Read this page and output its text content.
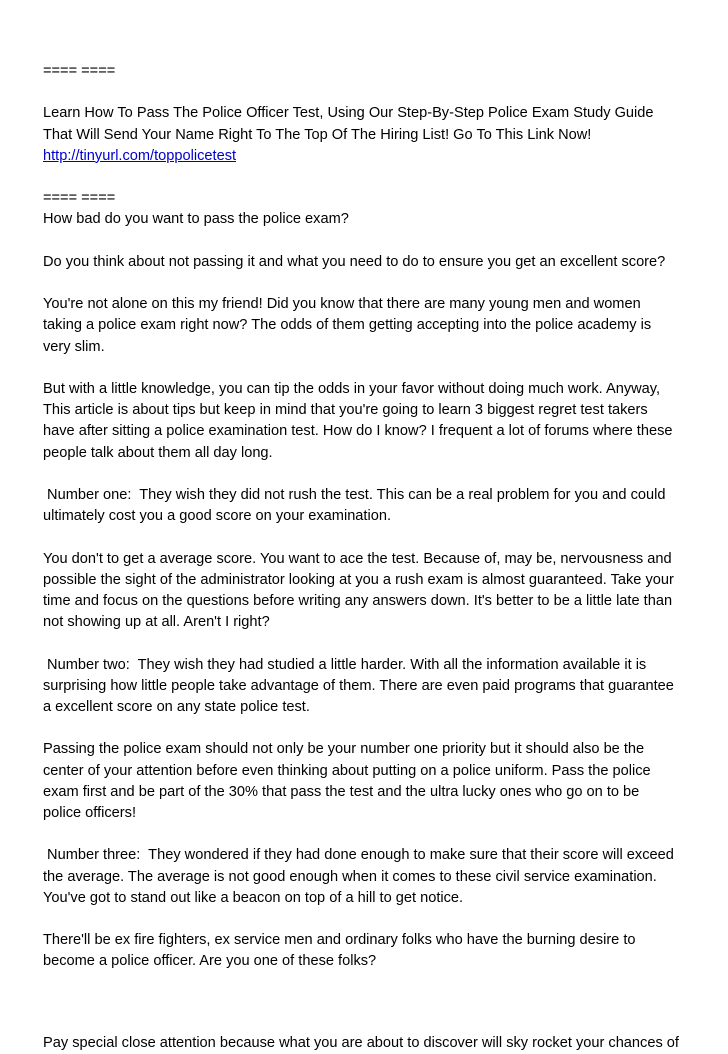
==== ====
Learn How To Pass The Police Officer Test, Using Our Step-By-Step Police Exam Study Guide
That Will Send Your Name Right To The Top Of The Hiring List! Go To This Link Now!
http://tinyurl.com/toppolicetest
==== ====
How bad do you want to pass the police exam?
Do you think about not passing it and what you need to do to ensure you get an excellent score?
You're not alone on this my friend! Did you know that there are many young men and women
taking a police exam right now? The odds of them getting accepting into the police academy is
very slim.
But with a little knowledge, you can tip the odds in your favor without doing much work. Anyway,
This article is about tips but keep in mind that you're going to learn 3 biggest regret test takers
have after sitting a police examination test. How do I know? I frequent a lot of forums where these
people talk about them all day long.
Number one:  They wish they did not rush the test. This can be a real problem for you and could
ultimately cost you a good score on your examination.
You don't to get a average score. You want to ace the test. Because of, may be, nervousness and
possible the sight of the administrator looking at you a rush exam is almost guaranteed. Take your
time and focus on the questions before writing any answers down. It's better to be a little late than
not showing up at all. Aren't I right?
Number two:  They wish they had studied a little harder. With all the information available it is
surprising how little people take advantage of them. There are even paid programs that guarantee
a excellent score on any state police test.
Passing the police exam should not only be your number one priority but it should also be the
center of your attention before even thinking about putting on a police uniform. Pass the police
exam first and be part of the 30% that pass the test and the ultra lucky ones who go on to be
police officers!
Number three:  They wondered if they had done enough to make sure that their score will exceed
the average. The average is not good enough when it comes to these civil service examination.
You've got to stand out like a beacon on top of a hill to get notice.
There'll be ex fire fighters, ex service men and ordinary folks who have the burning desire to
become a police officer. Are you one of these folks?
Pay special close attention because what you are about to discover will sky rocket your chances of
